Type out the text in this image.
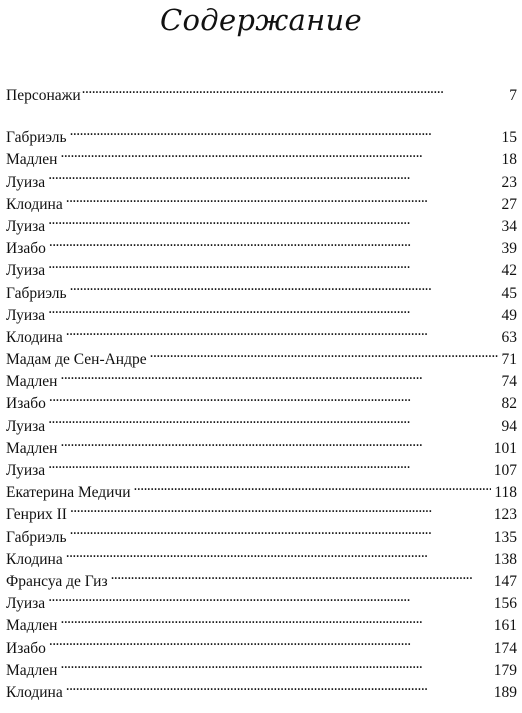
Содержание
Персонажи . . .	7
Габриэль . . .	15
Мадлен . . .	18
Луиза . . .	23
Клодина . . .	27
Луиза . . .	34
Изабо . . .	39
Луиза . . .	42
Габриэль . . .	45
Луиза . . .	49
Клодина . . .	63
Мадам де Сен-Андре . . .	71
Мадлен . . .	74
Изабо . . .	82
Луиза . . .	94
Мадлен . . .	101
Луиза . . .	107
Екатерина Медичи . . .	118
Генрих II . . .	123
Габриэль . . .	135
Клодина . . .	138
Франсуа де Гиз . . .	147
Луиза . . .	156
Мадлен . . .	161
Изабо . . .	174
Мадлен . . .	179
Клодина . . .	189
